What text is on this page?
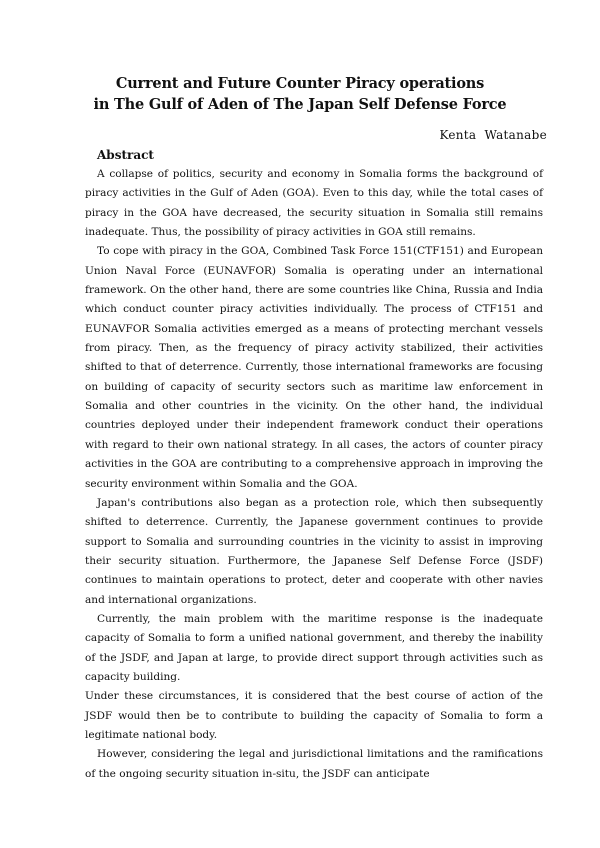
Current and Future Counter Piracy operations
in The Gulf of Aden of The Japan Self Defense Force
Kenta Watanabe
Abstract

A collapse of politics, security and economy in Somalia forms the background of piracy activities in the Gulf of Aden (GOA). Even to this day, while the total cases of piracy in the GOA have decreased, the security situation in Somalia still remains inadequate. Thus, the possibility of piracy activities in GOA still remains.

To cope with piracy in the GOA, Combined Task Force 151(CTF151) and European Union Naval Force (EUNAVFOR) Somalia is operating under an international framework. On the other hand, there are some countries like China, Russia and India which conduct counter piracy activities individually. The process of CTF151 and EUNAVFOR Somalia activities emerged as a means of protecting merchant vessels from piracy. Then, as the frequency of piracy activity stabilized, their activities shifted to that of deterrence. Currently, those international frameworks are focusing on building of capacity of security sectors such as maritime law enforcement in Somalia and other countries in the vicinity. On the other hand, the individual countries deployed under their independent framework conduct their operations with regard to their own national strategy. In all cases, the actors of counter piracy activities in the GOA are contributing to a comprehensive approach in improving the security environment within Somalia and the GOA.

Japan's contributions also began as a protection role, which then subsequently shifted to deterrence. Currently, the Japanese government continues to provide support to Somalia and surrounding countries in the vicinity to assist in improving their security situation. Furthermore, the Japanese Self Defense Force (JSDF) continues to maintain operations to protect, deter and cooperate with other navies and international organizations.

Currently, the main problem with the maritime response is the inadequate capacity of Somalia to form a unified national government, and thereby the inability of the JSDF, and Japan at large, to provide direct support through activities such as capacity building.

Under these circumstances, it is considered that the best course of action of the JSDF would then be to contribute to building the capacity of Somalia to form a legitimate national body.

However, considering the legal and jurisdictional limitations and the ramifications of the ongoing security situation in-situ, the JSDF can anticipate
